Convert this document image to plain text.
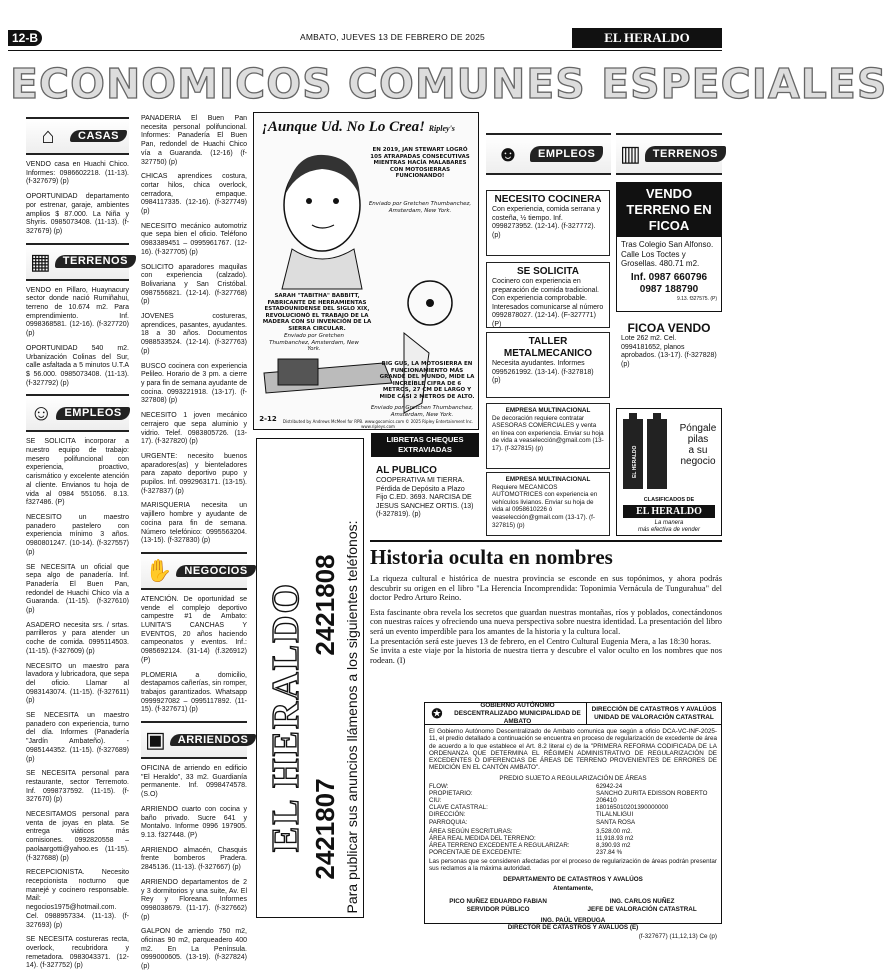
12-B	AMBATO, JUEVES 13 DE FEBRERO DE 2025	EL HERALDO
ECONOMICOS COMUNES ESPECIALES
⌂	CASAS

VENDO casa en Huachi Chico. Informes: 0986602218. (11-13). (f-327679) (p)

OPORTUNIDAD departamento por estrenar, garaje, ambientes amplios $ 87.000. La Niña y Shyris. 0985073408. (11-13). (f-327679) (p)

▦	TERRENOS

VENDO en Pillaro, Huaynacury sector donde nació Rumiñahui, terreno de 10.674 m2. Para emprendimiento. Inf. 0998368581. (12-16). (f-327720) (p)

OPORTUNIDAD 540 m2. Urbanización Colinas del Sur, calle asfaltada a 5 minutos U.T.A $ 56.000. 0985073408. (11-13). (f-327792) (p)

☺	EMPLEOS

SE SOLICITA incorporar a nuestro equipo de trabajo: mesero polifuncional con experiencia, proactivo, carismático y excelente atención al cliente. Envianos tu hoja de vida al 0984 551056. 8.13. f327486. (P)

NECESITO un maestro panadero pastelero con experiencia mínimo 3 años. 0980801247. (10-14). (f-327557) (p)

SE NECESITA un oficial que sepa algo de panadería. Inf. Panadería El Buen Pan, redondel de Huachi Chico vía a Guaranda. (11-15). (f-327610) (p)

ASADERO necesita srs. / srtas. parrilleros y para atender un coche de comida. 0995114503. (11-15). (f-327609) (p)

NECESITO un maestro para lavadora y lubricadora, que sepa del oficio. Llamar al 0983143074. (11-15). (f-327611) (p)

SE NECESITA un maestro panadero con experiencia, turno del día. Informes (Panadería "Jardín Ambateño). - 0985144352. (11-15). (f-327689) (p)

SE NECESITA personal para restaurante, sector Terremoto. Inf. 0998737592. (11-15). (f-327670) (p)

NECESITAMOS personal para venta de joyas en plata. Se entrega viáticos más comisiones. 0992820558 – paolaargotti@yahoo.es (11-15). (f-327688) (p)

RECEPCIONISTA. Necesito recepcionista nocturno que manejé y cocinero responsable. Mail: negocios1975@hotmail.com. Cel. 0988957334. (11-13). (f-327693) (p)

SE NECESITA costureras recta, overlock, recubridora y remetadora. 0983043371. (12-14). (f-327752) (p)

PANADERIA El Buen Pan necesita personal polifuncional. Informes: Panadería El Buen Pan, redondel de Huachi Chico vía a Guaranda. (12-16) (f-327750) (p)

CHICAS aprendices costura, cortar hilos, chica overlock, cerradora, empaque. 0984117335. (12-16). (f-327749) (p)

NECESITO mecánico automotriz que sepa bien el oficio. Teléfono 0983389451 – 0995961767. (12-16). (f-327705) (p)

SOLICITO aparadores maquilas con experiencia (calzado). Bolivariana y San Cristóbal. 0987556821. (12-14). (f-327768) (p)

JOVENES costureras, aprendices, pasantes, ayudantes. 18 a 30 años. Documentos 0988533524. (12-14). (f-327763) (p)

BUSCO cocinera con experiencia Pelileo. Horario de 3 pm. a cierre y para fin de semana ayudante de cocina. 0993221918. (13-17). (f-327808) (p)

NECESITO 1 joven mecánico cerrajero que sepa aluminio y vidrio. Telef. 0983805726. (13-17). (f-327820) (p)

URGENTE: necesito buenos aparadores(as) y bienteladores para zapato deportivo pupo y pupilos. Inf. 0992963171. (13-15). (f-327837) (p)

MARISQUERIA necesita un vajillero hombre y ayudante de cocina para fin de semana. Número telefónico: 0995563204. (13-15). (f-327830) (p)

✋	NEGOCIOS

ATENCIÓN. De oportunidad se vende el complejo deportivo campestre #1 de Ambato: LUNITA'S CANCHAS Y EVENTOS, 20 años haciendo campeonatos y eventos. Inf.: 0985692124. (31-14) (f.326912)(P)

PLOMERIA a domicilio, destapamos cañerías, sin romper, trabajos garantizados. Whatsapp 0999927082 – 0995117892. (11-15). (f-327671) (p)

▣	ARRIENDOS

OFICINA de arriendo en edificio "El Heraldo", 33 m2. Guardianía permanente. Inf. 0998474578. (S.O)

ARRIENDO cuarto con cocina y baño privado. Sucre 641 y Montalvo. Informe 0996 197905. 9.13. f327448. (P)

ARRIENDO almacén, Chasquis frente bomberos Pradera. 2845136. (11-13). (f-327667) (p)

ARRIENDO departamentos de 2 y 3 dormitorios y una suite, Av. El Rey y Floreana. Informes 0998038679. (11-17). (f-327662) (p)

GALPON de arriendo 750 m2, oficinas 90 m2, parqueadero 400 m2. En La Península. 0999000605. (13-19). (f-327824) (p)

¡Aunque Ud. No Lo Crea! Ripley's
EN 2019, JAN STEWART LOGRÓ 105 ATRAPADAS CONSECUTIVAS MIENTRAS HACÍA MALABARES CON MOTOSIERRAS FUNCIONANDO!
Enviado por Gretchen Thumbanchez, Amsterdam, New York.
SARAH "TABITHA" BABBITT, FABRICANTE DE HERRAMIENTAS ESTADOUNIDENSE DEL SIGLO XIX, REVOLUCIONÓ EL TRABAJO DE LA MADERA CON SU INVENCIÓN DE LA SIERRA CIRCULAR.
Enviado por Gretchen Thumbanchez, Amsterdam, New York.
BIG GUS, LA MOTOSIERRA EN FUNCIONAMIENTO MÁS GRANDE DEL MUNDO, MIDE LA INCREÍBLE CIFRA DE 6 METROS, 27 CM DE LARGO Y MIDE CASI 2 METROS DE ALTO.
Enviado por Gretchen Thumbanchez, Amsterdam, New York.
2-12	Distributed by Andrews McMeel for RPB. www.gocomics.com © 2025 Ripley Entertainment Inc. www.ripleys.com
EL HERALDO 2421807
2421808 Para publicar sus anuncios llámenos a los siguientes teléfonos:
LIBRETAS CHEQUES EXTRAVIADAS
AL PUBLICO
COOPERATIVA MI TIERRA. Pérdida de Depósito a Plazo Fijo C.ED. 3693. NARCISA DE JESUS SANCHEZ ORTIS. (13) (f-327819). (p)
☻	EMPLEOS
NECESITO COCINERA
Con experiencia, comida serrana y costeña, ½ tiempo. Inf. 0998273952. (12-14). (f-327772). (p)
SE SOLICITA
Cocinero con experiencia en preparación de comida tradicional. Con experiencia comprobable. Interesados comunicarse al número 0992878027. (12-14). (F-327771) (P)
TALLER METALMECANICO
Necesita ayudantes. Informes 0995261992. (13-14). (f-327818) (p)
EMPRESA MULTINACIONAL
De decoración requiere contratar ASESORAS COMERCIALES y venta en línea con experiencia. Enviar su hoja de vida a veaselección@gmail.com (13-17). (f-327815) (p)
EMPRESA MULTINACIONAL
Requiere MECANICOS AUTOMOTRICES con experiencia en vehículos livianos. Enviar su hoja de vida al 0958610226 ó veaselección@gmail.com (13-17). (f-327815) (p)
▥	TERRENOS
VENDO TERRENO EN FICOA
Tras Colegio San Alfonso. Calle Los Toctes y Grosellas. 480.71 m2.
Inf. 0987 660796
0987 188790
9.13. f327575. (P)
FICOA VENDO
Lote 262 m2. Cel. 0994181652, planos aprobados. (13-17). (f-327828) (p)
EL HERALDO
Póngale
pilas
a su
negocio
CLASIFICADOS DE
EL HERALDO
La manera
más efectiva de vender
Historia oculta en nombres

La riqueza cultural e histórica de nuestra provincia se esconde en sus topónimos, y ahora podrás descubrir su origen en el libro "La Herencia Incomprendida: Toponimia Vernácula de Tungurahua" del doctor Pedro Arturo Reino.

Esta fascinante obra revela los secretos que guardan nuestras montañas, ríos y poblados, conectándonos con nuestras raíces y ofreciendo una nueva perspectiva sobre nuestra identidad. La presentación del libro será un evento imperdible para los amantes de la historia y la cultura local.

La presentación será este jueves 13 de febrero, en el Centro Cultural Eugenia Mera, a las 18:30 horas.

Se invita a este viaje por la historia de nuestra tierra y descubre el valor oculto en los nombres que nos rodean. (I)

✪
GOBIERNO AUTÓNOMO DESCENTRALIZADO MUNICIPALIDAD DE AMBATO
DIRECCIÓN DE CATASTROS Y AVALÚOS UNIDAD DE VALORACIÓN CATASTRAL
El Gobierno Autónomo Descentralizado de Ambato comunica que según a oficio DCA-VC-INF-2025-11, el predio detallado a continuación se encuentra en proceso de regularización de excedente de área de acuerdo a lo que establece el Art. 8.2 literal c) de la "PRIMERA REFORMA CODIFICADA DE LA ORDENANZA QUE DETERMINA EL RÉGIMEN ADMINISTRATIVO DE REGULARIZACIÓN DE EXCEDENTES O DIFERENCIAS DE ÁREAS DE TERRENO PROVENIENTES DE ERRORES DE MEDICIÓN EN EL CANTÓN AMBATO".
PREDIO SUJETO A REGULARIZACIÓN DE ÁREAS
FLOW:	62942-24
PROPIETARIO:	SANCHO ZURITA EDISSON ROBERTO
CIU:	206410
CLAVE CATASTRAL:	180165010201390000000
DIRECCIÓN:	TILALNLIGUI
PARROQUIA:	SANTA ROSA
ÁREA SEGÚN ESCRITURAS:	3,528.00 m2.
ÁREA REAL MEDIDA DEL TERRENO:	11,918.93 m2
ÁREA TERRENO EXCEDENTE A REGULARIZAR:	8,390.93 m2
PORCENTAJE DE EXCEDENTE:	237.84 %
Las personas que se consideren afectadas por el proceso de regularización de áreas podrán presentar sus reclamos a la máxima autoridad.
DEPARTAMENTO DE CATASTROS Y AVALÚOS
Atentamente,
PICO NUÑEZ EDUARDO FABIAN
SERVIDOR PÚBLICO
ING. CARLOS NUÑEZ
JEFE DE VALORACIÓN CATASTRAL
ING. PAÚL VERDUGA
DIRECTOR DE CATASTROS Y AVALÚOS (E)
(f-327677) (11,12,13) Ce (p)
